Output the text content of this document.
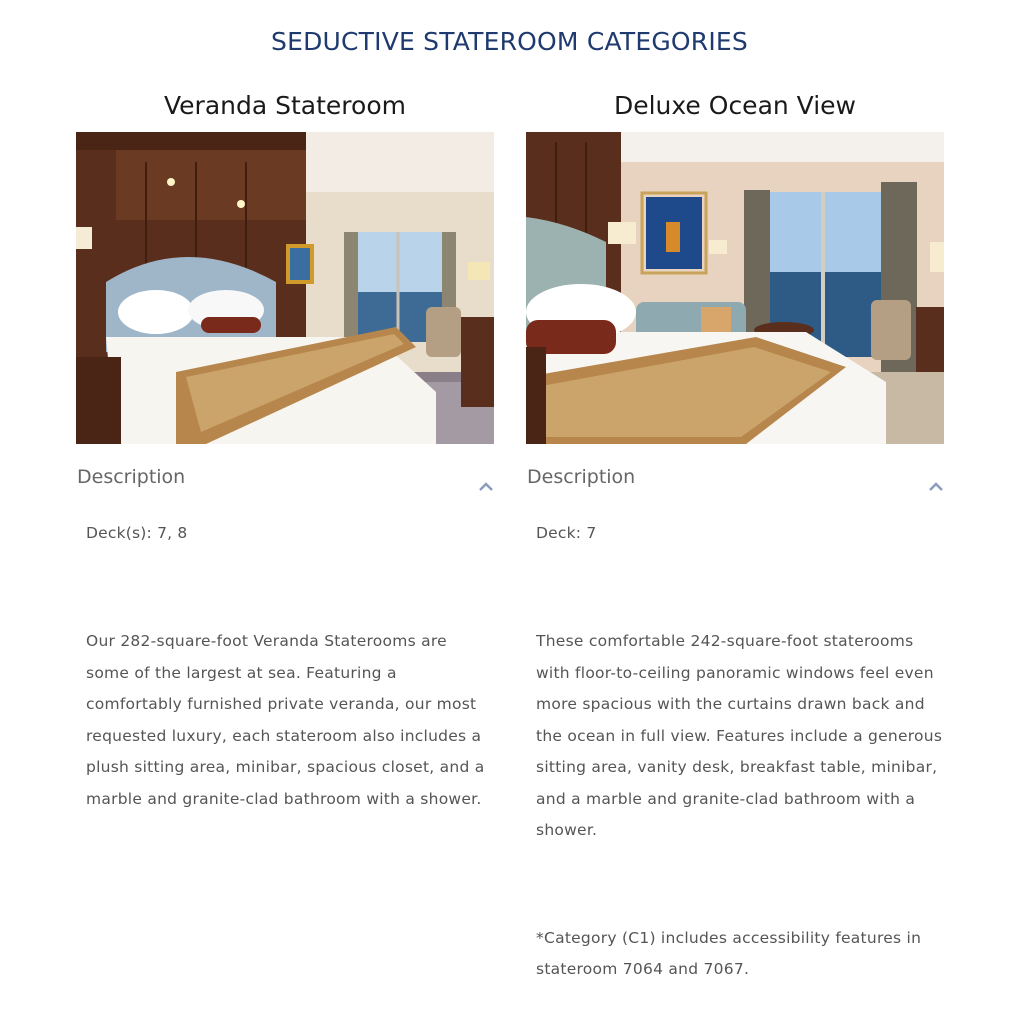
SEDUCTIVE STATEROOM CATEGORIES
Veranda Stateroom
Description
Deck(s): 7, 8

Our 282-square-foot Veranda Staterooms are some of the largest at sea. Featuring a comfortably furnished private veranda, our most requested luxury, each stateroom also includes a plush sitting area, minibar, spacious closet, and a marble and granite-clad bathroom with a shower.

Deluxe Ocean View
Description
Deck: 7

These comfortable 242-square-foot staterooms with floor-to-ceiling panoramic windows feel even more spacious with the curtains drawn back and the ocean in full view. Features include a generous sitting area, vanity desk, breakfast table, minibar, and a marble and granite-clad bathroom with a shower.

*Category (C1) includes accessibility features in stateroom 7064 and 7067.
